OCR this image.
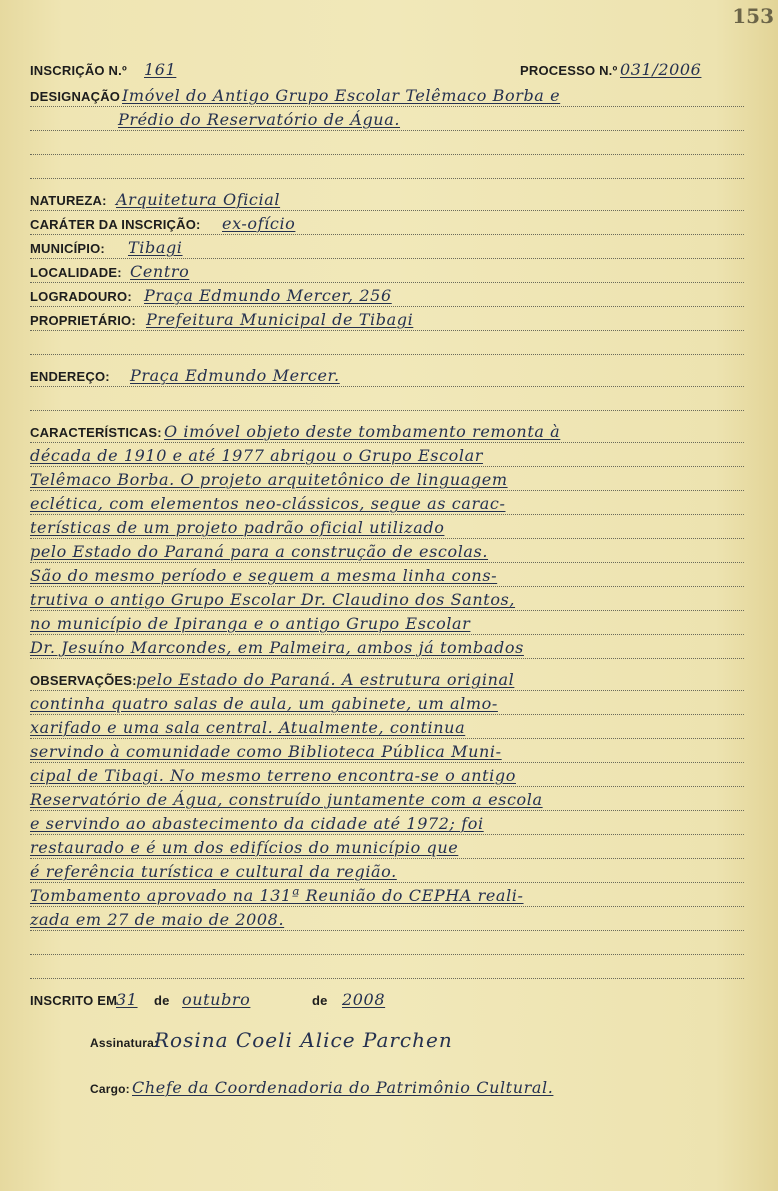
153
INSCRIÇÃO N.º 161	PROCESSO N.º 031/2006
DESIGNAÇÃO Imóvel do Antigo Grupo Escolar Telêmaco Borba e
Prédio do Reservatório de Água.
NATUREZA: Arquitetura Oficial
CARÁTER DA INSCRIÇÃO: ex-ofício
MUNICÍPIO: Tibagi
LOCALIDADE: Centro
LOGRADOURO: Praça Edmundo Mercer, 256
PROPRIETÁRIO: Prefeitura Municipal de Tibagi
ENDEREÇO: Praça Edmundo Mercer.
CARACTERÍSTICAS: O imóvel objeto deste tombamento remonta à
década de 1910 e até 1977 abrigou o Grupo Escolar
Telêmaco Borba. O projeto arquitetônico de linguagem
eclética, com elementos neo-clássicos, segue as carac-
terísticas de um projeto padrão oficial utilizado
pelo Estado do Paraná para a construção de escolas.
São do mesmo período e seguem a mesma linha cons-
trutiva o antigo Grupo Escolar Dr. Claudino dos Santos,
no município de Ipiranga e o antigo Grupo Escolar
Dr. Jesuíno Marcondes, em Palmeira, ambos já tombados
OBSERVAÇÕES: pelo Estado do Paraná. A estrutura original
continha quatro salas de aula, um gabinete, um almo-
xarifado e uma sala central. Atualmente, continua
servindo à comunidade como Biblioteca Pública Muni-
cipal de Tibagi. No mesmo terreno encontra-se o antigo
Reservatório de Água, construído juntamente com a escola
e servindo ao abastecimento da cidade até 1972; foi
restaurado e é um dos edifícios do município que
é referência turística e cultural da região.
Tombamento aprovado na 131ª Reunião do CEPHA reali-
zada em 27 de maio de 2008.
INSCRITO EM
31 de outubro	de 2008
Assinatura:
Rosina Coeli Alice Parchen
Cargo: Chefe da Coordenadoria do Patrimônio Cultural.
